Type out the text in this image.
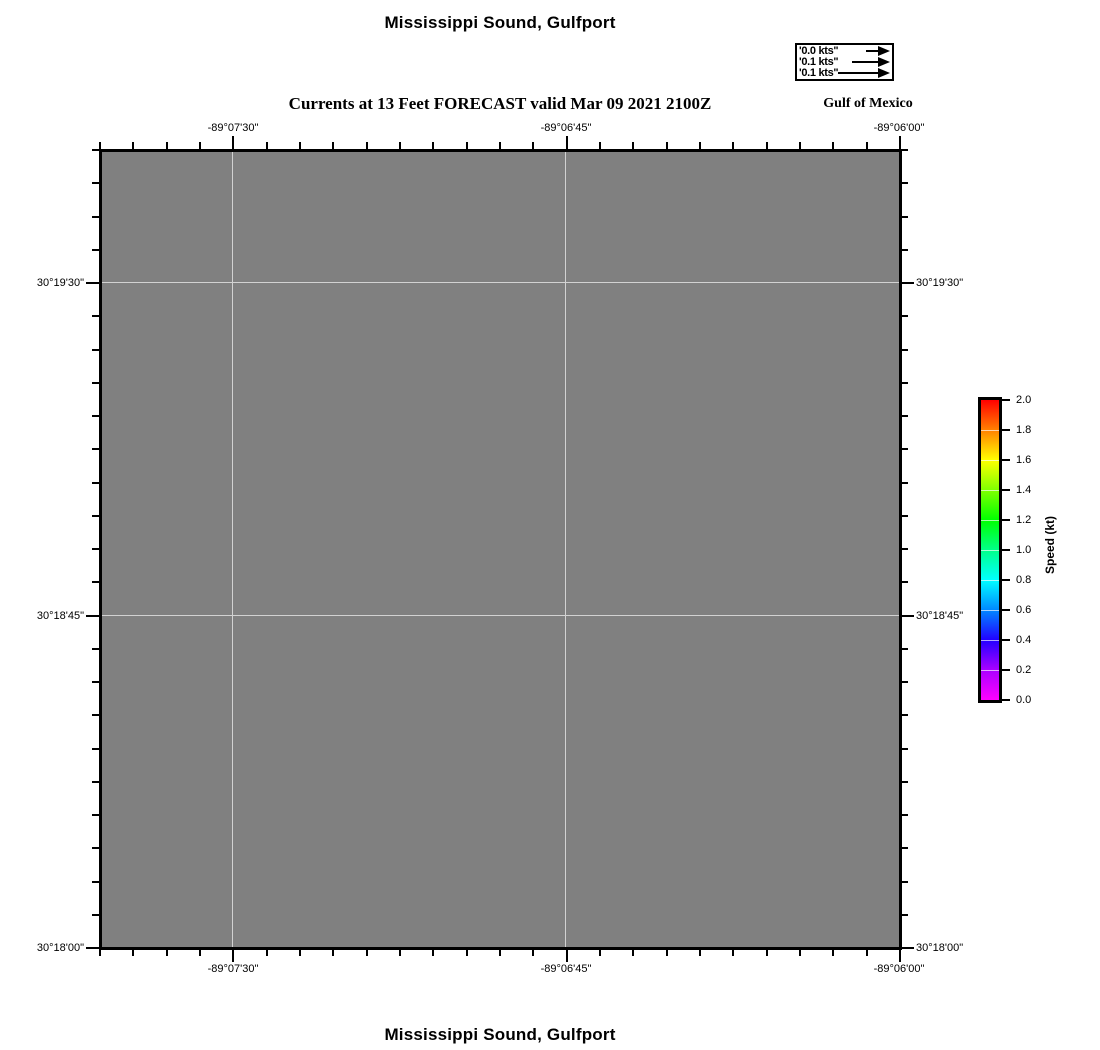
Mississippi Sound, Gulfport
'0.0 kts''
'0.1 kts''
'0.1 kts''
Currents at 13 Feet FORECAST valid Mar 09 2021 2100Z	Gulf of Mexico
Speed (kt)
Mississippi Sound, Gulfport
-89°07'30"
-89°07'30"
-89°06'45"
-89°06'45"
-89°06'00"
-89°06'00"
30°19'30"	30°19'30"
30°18'45"	30°18'45"
30°18'00"	30°18'00"
2.0
1.8
1.6
1.4
1.2
1.0
0.8
0.6
0.4
0.2
0.0
